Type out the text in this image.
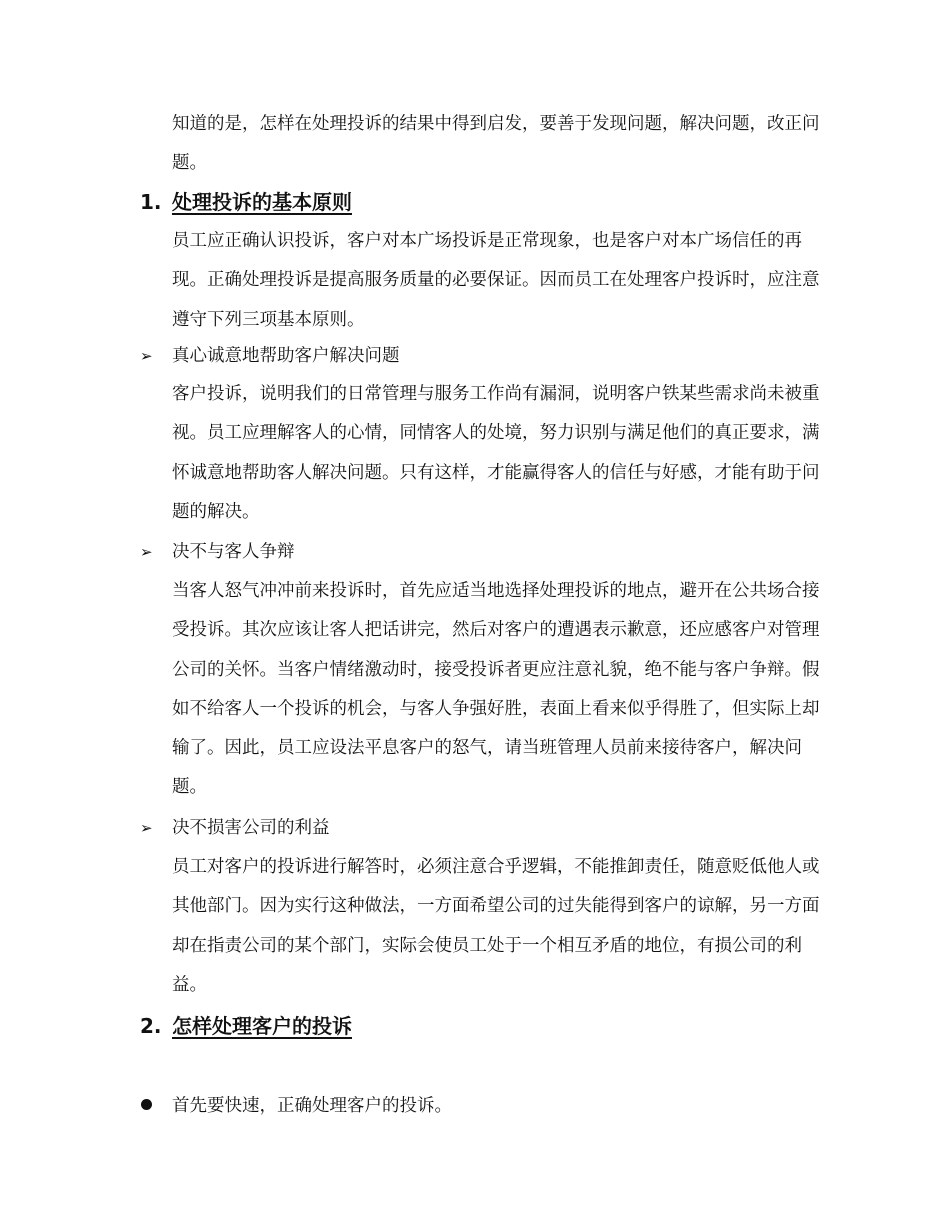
知道的是，怎样在处理投诉的结果中得到启发，要善于发现问题，解决问题，改正问题。

1. 处理投诉的基本原则

员工应正确认识投诉，客户对本广场投诉是正常现象，也是客户对本广场信任的再现。正确处理投诉是提高服务质量的必要保证。因而员工在处理客户投诉时，应注意遵守下列三项基本原则。

➢ 真心诚意地帮助客户解决问题

客户投诉，说明我们的日常管理与服务工作尚有漏洞，说明客户铁某些需求尚未被重视。员工应理解客人的心情，同情客人的处境，努力识别与满足他们的真正要求，满怀诚意地帮助客人解决问题。只有这样，才能赢得客人的信任与好感，才能有助于问题的解决。

➢ 决不与客人争辩

当客人怒气冲冲前来投诉时，首先应适当地选择处理投诉的地点，避开在公共场合接受投诉。其次应该让客人把话讲完，然后对客户的遭遇表示歉意，还应感客户对管理公司的关怀。当客户情绪激动时，接受投诉者更应注意礼貌，绝不能与客户争辩。假如不给客人一个投诉的机会，与客人争强好胜，表面上看来似乎得胜了，但实际上却输了。因此，员工应设法平息客户的怒气，请当班管理人员前来接待客户，解决问题。

➢ 决不损害公司的利益

员工对客户的投诉进行解答时，必须注意合乎逻辑，不能推卸责任，随意贬低他人或其他部门。因为实行这种做法，一方面希望公司的过失能得到客户的谅解，另一方面却在指责公司的某个部门，实际会使员工处于一个相互矛盾的地位，有损公司的利益。

2. 怎样处理客户的投诉

首先要快速，正确处理客户的投诉。
